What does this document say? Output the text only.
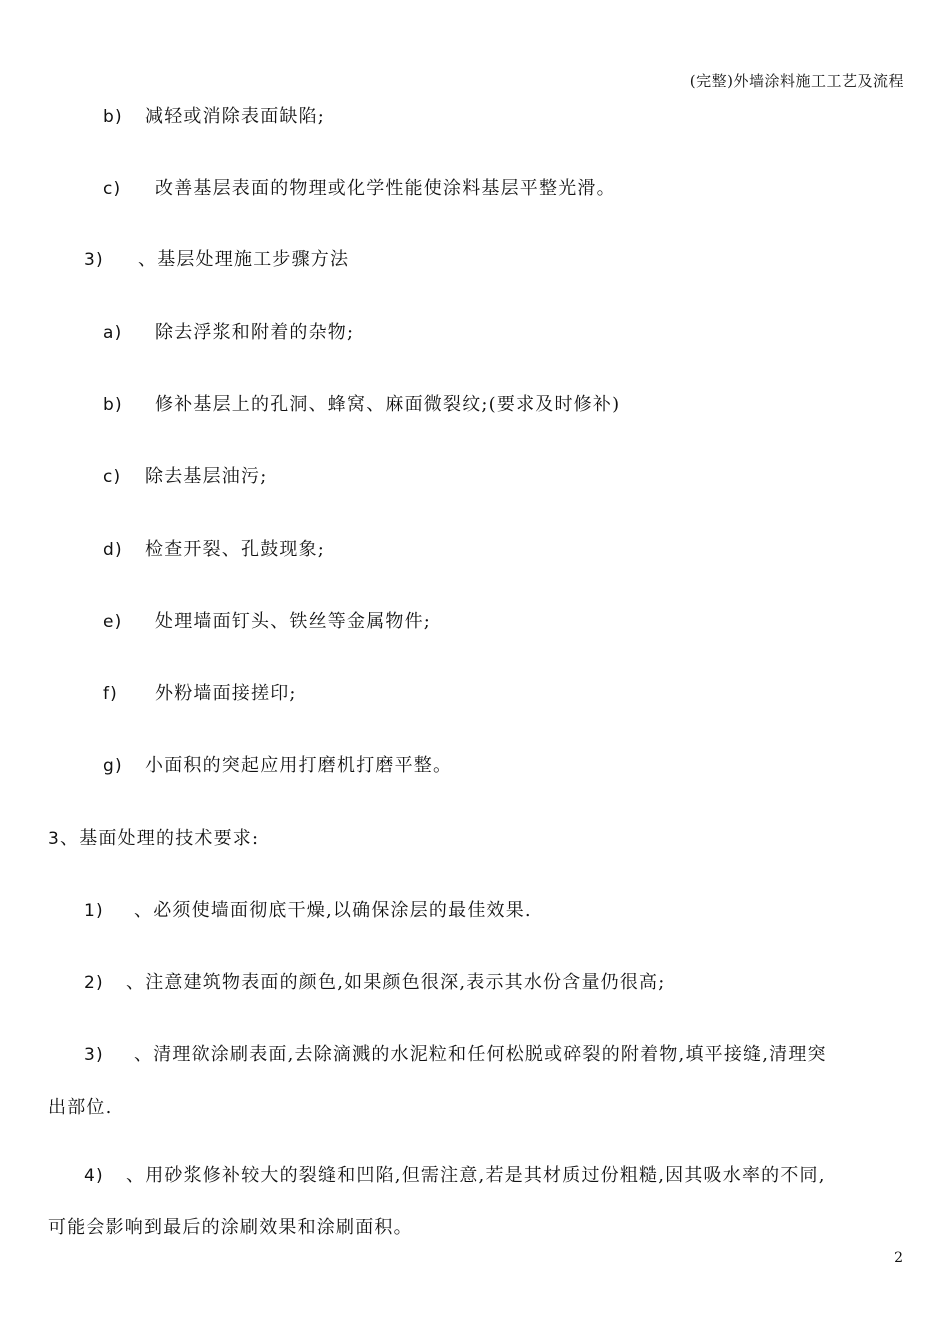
(完整)外墙涂料施工工艺及流程
b) 减轻或消除表面缺陷;
c) 改善基层表面的物理或化学性能使涂料基层平整光滑。
3) 、基层处理施工步骤方法
a) 除去浮浆和附着的杂物;
b) 修补基层上的孔洞、蜂窝、麻面微裂纹;(要求及时修补)
c) 除去基层油污;
d) 检查开裂、孔鼓现象;
e) 处理墙面钉头、铁丝等金属物件;
f) 外粉墙面接搓印;
g) 小面积的突起应用打磨机打磨平整。
3、基面处理的技术要求:
1) 、必须使墙面彻底干燥,以确保涂层的最佳效果.
2) 、注意建筑物表面的颜色,如果颜色很深,表示其水份含量仍很高;
3) 、清理欲涂刷表面,去除滴溅的水泥粒和任何松脱或碎裂的附着物,填平接缝,清理突
出部位.
4) 、用砂浆修补较大的裂缝和凹陷,但需注意,若是其材质过份粗糙,因其吸水率的不同,
可能会影响到最后的涂刷效果和涂刷面积。
2
